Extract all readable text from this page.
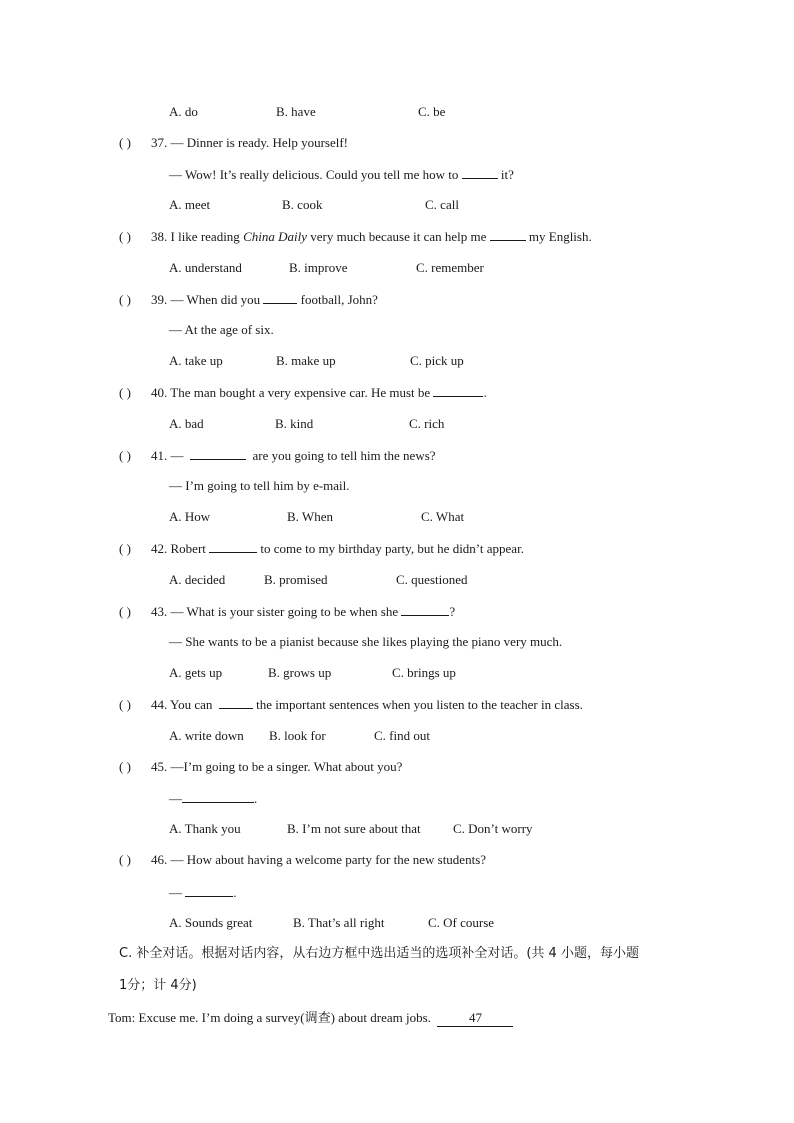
A. do	B. have	C. be
( ) 37. — Dinner is ready. Help yourself!
— Wow! It’s really delicious. Could you tell me how to	it?
A. meet	B. cook	C. call
( ) 38. I like reading China Daily very much because it can help me	my English.
A. understand	B. improve	C. remember
( ) 39. — When did you	football, John?
— At the age of six.
A. take up	B. make up	C. pick up
( ) 40. The man bought a very expensive car. He must be	.
A. bad	B. kind	C. rich
( ) 41. —	are you going to tell him the news?
— I’m going to tell him by e-mail.
A. How	B. When	C. What
( ) 42. Robert	to come to my birthday party, but he didn’t appear.
A. decided	B. promised	C. questioned
( ) 43. — What is your sister going to be when she	?
— She wants to be a pianist because she likes playing the piano very much.
A. gets up	B. grows up	C. brings up
( ) 44. You can	the important sentences when you listen to the teacher in class.
A. write down B. look for	C. find out
( ) 45. —I’m going to be a singer. What about you?
—	.
A. Thank you	B. I’m not sure about that C. Don’t worry
( ) 46. — How about having a welcome party for the new students?
—	.
A. Sounds great	B. That’s all right	C. Of course
C. 补全对话。根据对话内容，从右边方框中选出适当的选项补全对话。(共 4 小题，每小题
1分；计 4分)
Tom: Excuse me. I’m doing a survey(调查) about dream jobs.	47
